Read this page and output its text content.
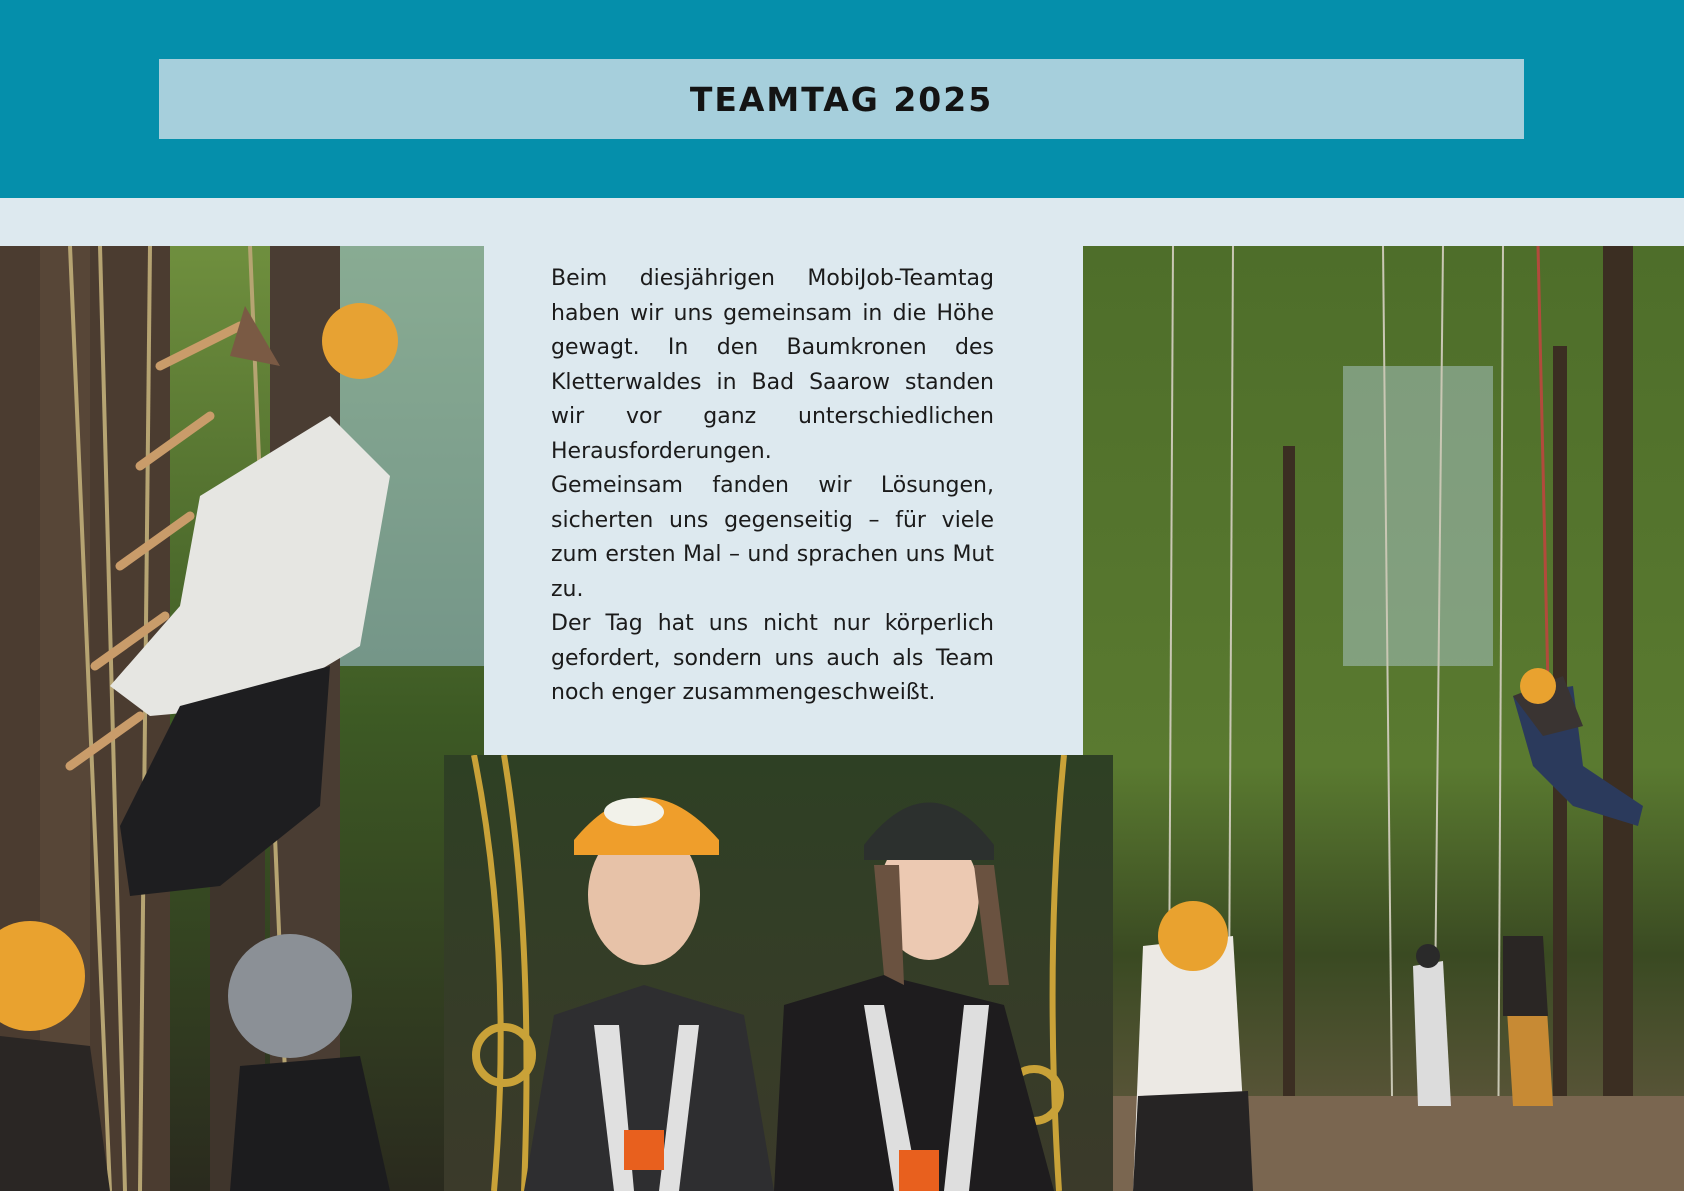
TEAMTAG 2025

Beim diesjährigen MobiJob-Teamtag haben wir uns gemeinsam in die Höhe gewagt. In den Baumkronen des Kletterwaldes in Bad Saarow standen wir vor ganz unterschiedlichen Herausforderungen.

Gemeinsam fanden wir Lösungen, sicherten uns gegenseitig – für viele zum ersten Mal – und sprachen uns Mut zu.

Der Tag hat uns nicht nur körperlich gefordert, sondern uns auch als Team noch enger zusammengeschweißt.
